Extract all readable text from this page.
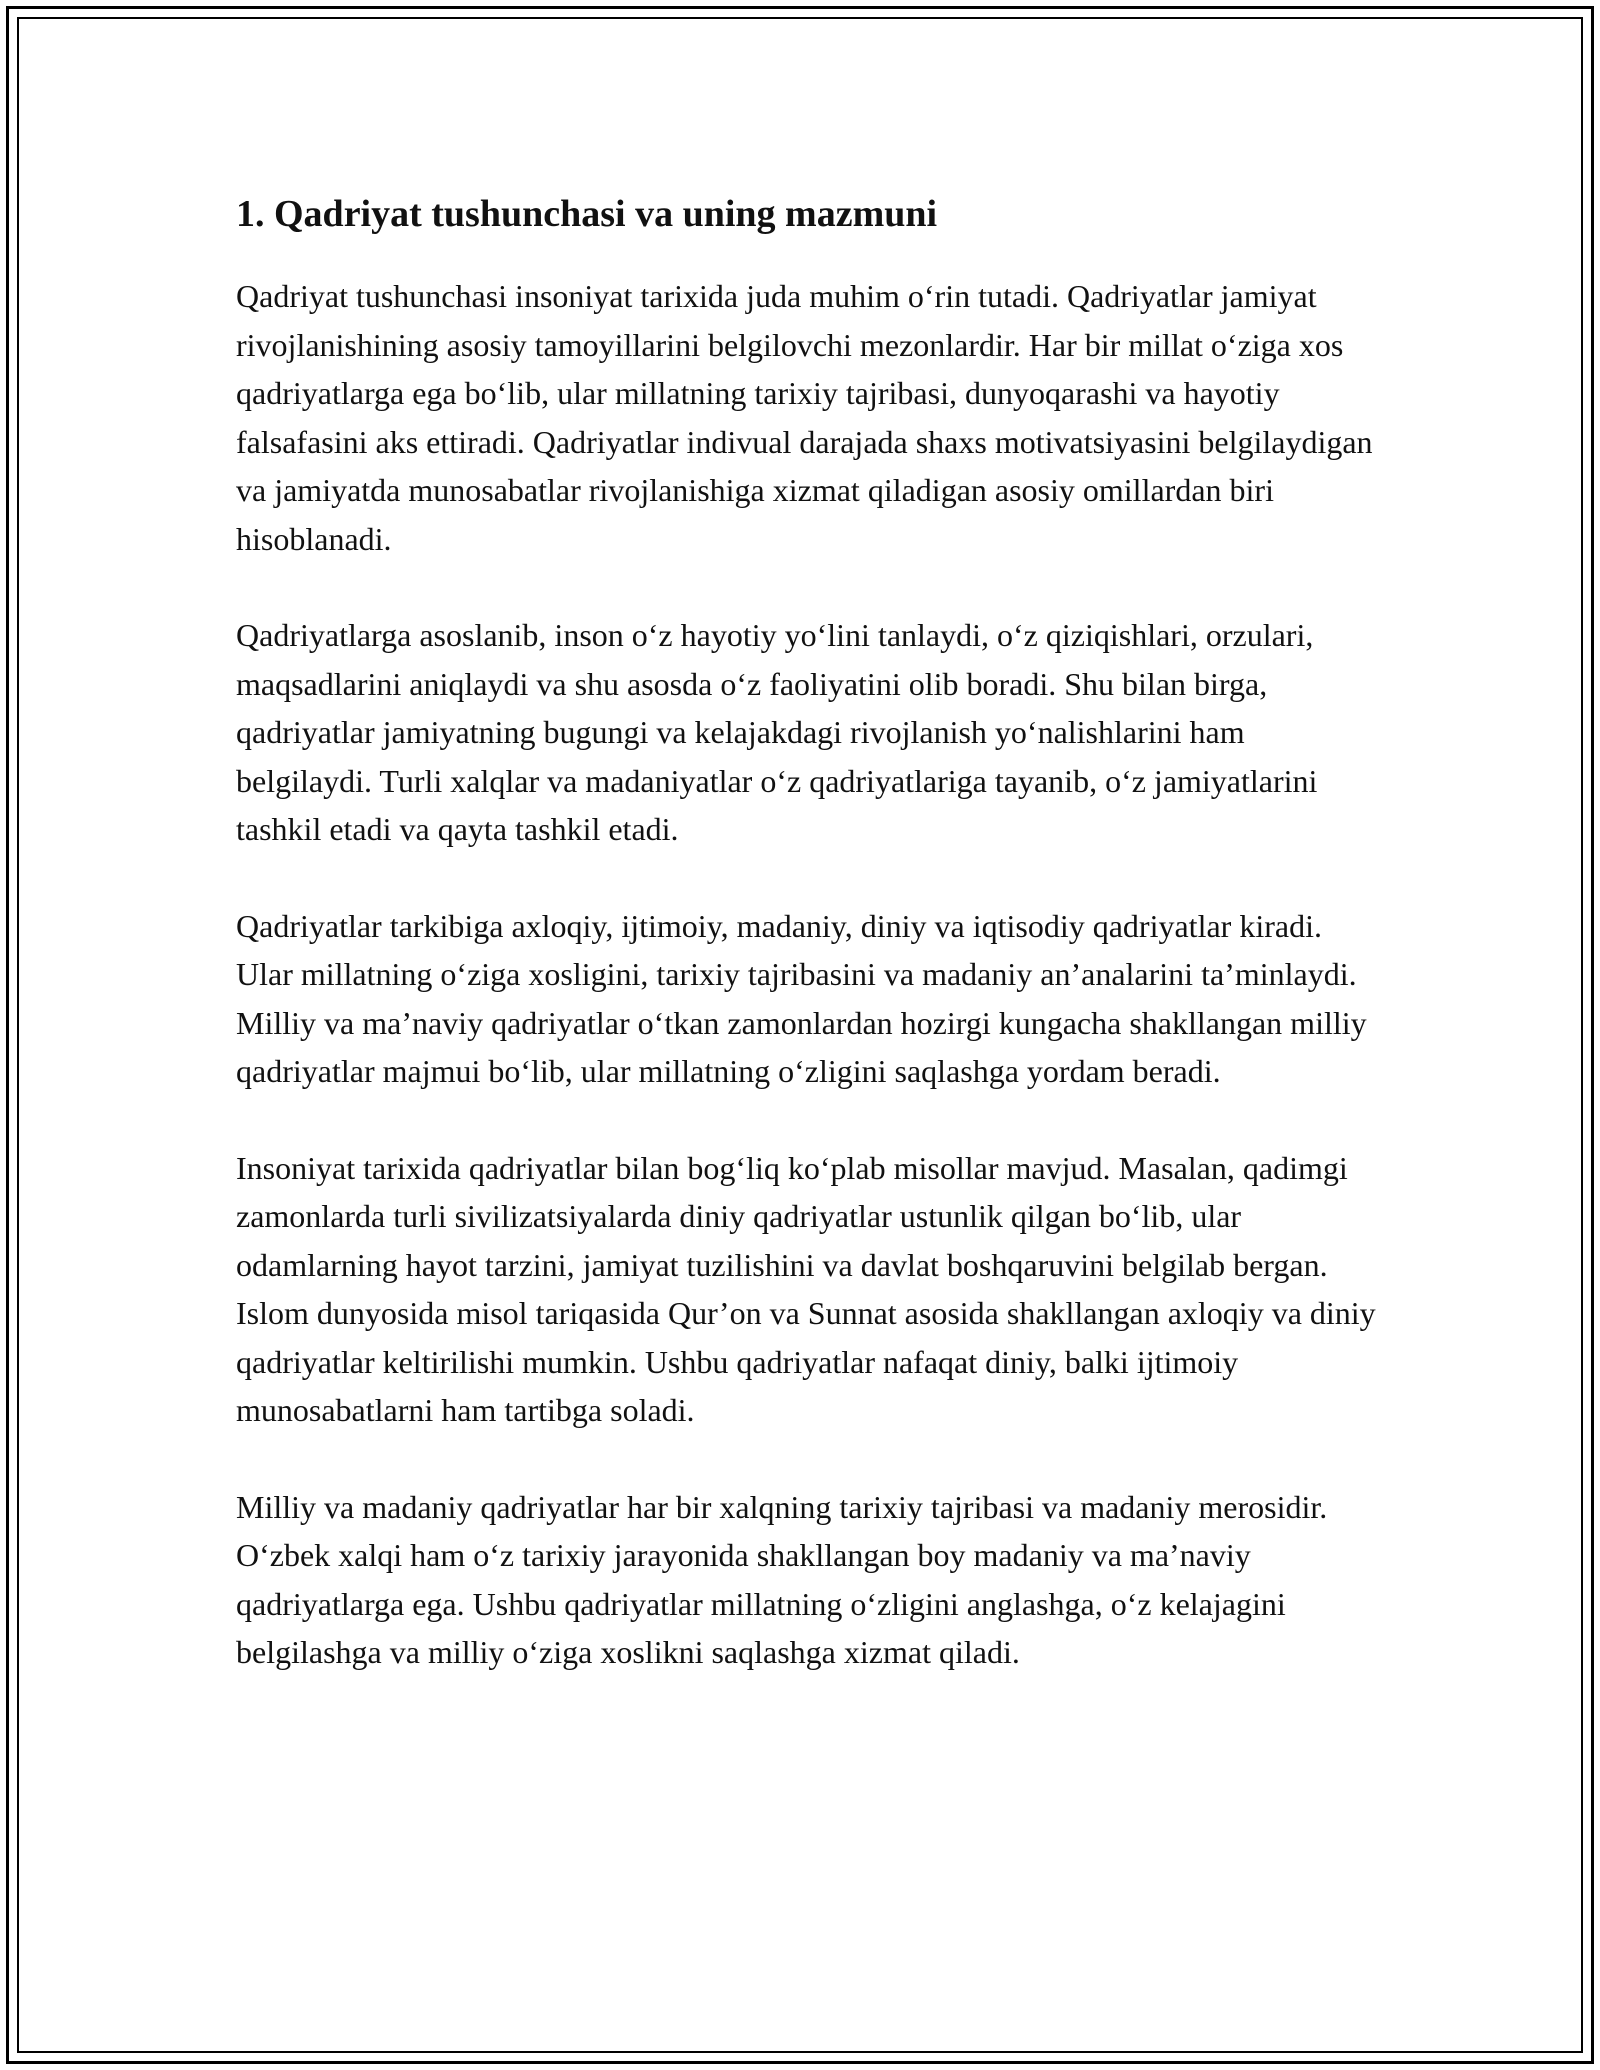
1. Qadriyat tushunchasi va uning mazmuni

Qadriyat tushunchasi insoniyat tarixida juda muhim o‘rin tutadi. Qadriyatlar jamiyat rivojlanishining asosiy tamoyillarini belgilovchi mezonlardir. Har bir millat o‘ziga xos qadriyatlarga ega bo‘lib, ular millatning tarixiy tajribasi, dunyoqarashi va hayotiy falsafasini aks ettiradi. Qadriyatlar indivual darajada shaxs motivatsiyasini belgilaydigan va jamiyatda munosabatlar rivojlanishiga xizmat qiladigan asosiy omillardan biri hisoblanadi.

Qadriyatlarga asoslanib, inson o‘z hayotiy yo‘lini tanlaydi, o‘z qiziqishlari, orzulari, maqsadlarini aniqlaydi va shu asosda o‘z faoliyatini olib boradi. Shu bilan birga, qadriyatlar jamiyatning bugungi va kelajakdagi rivojlanish yo‘nalishlarini ham belgilaydi. Turli xalqlar va madaniyatlar o‘z qadriyatlariga tayanib, o‘z jamiyatlarini tashkil etadi va qayta tashkil etadi.

Qadriyatlar tarkibiga axloqiy, ijtimoiy, madaniy, diniy va iqtisodiy qadriyatlar kiradi. Ular millatning o‘ziga xosligini, tarixiy tajribasini va madaniy an’analarini ta’minlaydi. Milliy va ma’naviy qadriyatlar o‘tkan zamonlardan hozirgi kungacha shakllangan milliy qadriyatlar majmui bo‘lib, ular millatning o‘zligini saqlashga yordam beradi.

Insoniyat tarixida qadriyatlar bilan bog‘liq ko‘plab misollar mavjud. Masalan, qadimgi zamonlarda turli sivilizatsiyalarda diniy qadriyatlar ustunlik qilgan bo‘lib, ular odamlarning hayot tarzini, jamiyat tuzilishini va davlat boshqaruvini belgilab bergan. Islom dunyosida misol tariqasida Qur’on va Sunnat asosida shakllangan axloqiy va diniy qadriyatlar keltirilishi mumkin. Ushbu qadriyatlar nafaqat diniy, balki ijtimoiy munosabatlarni ham tartibga soladi.

Milliy va madaniy qadriyatlar har bir xalqning tarixiy tajribasi va madaniy merosidir. O‘zbek xalqi ham o‘z tarixiy jarayonida shakllangan boy madaniy va ma’naviy qadriyatlarga ega. Ushbu qadriyatlar millatning o‘zligini anglashga, o‘z kelajagini belgilashga va milliy o‘ziga xoslikni saqlashga xizmat qiladi.
